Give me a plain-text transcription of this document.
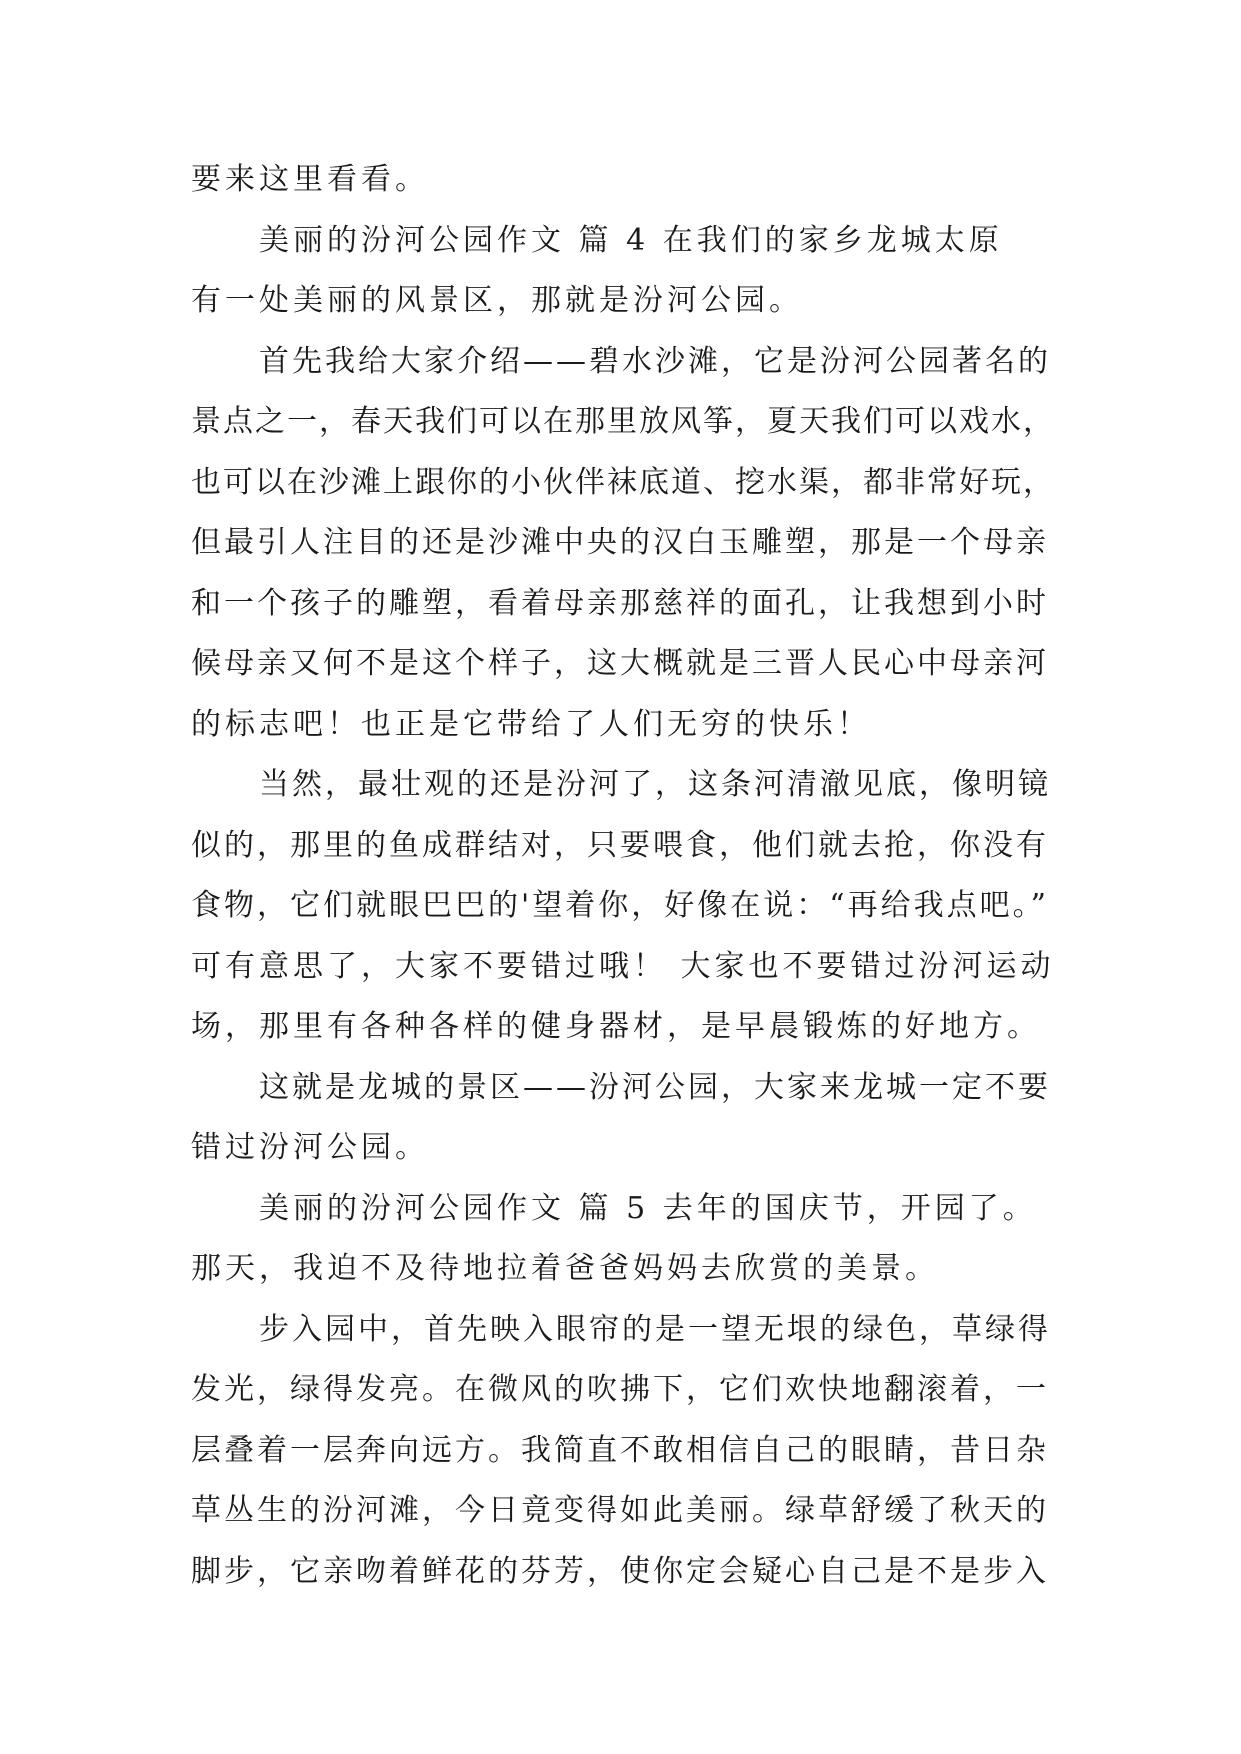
要来这里看看。
美丽的汾河公园作文 篇 4 在我们的家乡龙城太原
有一处美丽的风景区，那就是汾河公园。
首先我给大家介绍——碧水沙滩，它是汾河公园著名的
景点之一，春天我们可以在那里放风筝，夏天我们可以戏水，
也可以在沙滩上跟你的小伙伴袜底道、挖水渠，都非常好玩，
但最引人注目的还是沙滩中央的汉白玉雕塑，那是一个母亲
和一个孩子的雕塑，看着母亲那慈祥的面孔，让我想到小时
候母亲又何不是这个样子，这大概就是三晋人民心中母亲河
的标志吧！也正是它带给了人们无穷的快乐！
当然，最壮观的还是汾河了，这条河清澈见底，像明镜
似的，那里的鱼成群结对，只要喂食，他们就去抢，你没有
食物，它们就眼巴巴的'望着你，好像在说：“再给我点吧。”
可有意思了，大家不要错过哦！ 大家也不要错过汾河运动
场，那里有各种各样的健身器材，是早晨锻炼的好地方。
这就是龙城的景区——汾河公园，大家来龙城一定不要
错过汾河公园。
美丽的汾河公园作文 篇 5 去年的国庆节，开园了。
那天，我迫不及待地拉着爸爸妈妈去欣赏的美景。
步入园中，首先映入眼帘的是一望无垠的绿色，草绿得
发光，绿得发亮。在微风的吹拂下，它们欢快地翻滚着，一
层叠着一层奔向远方。我简直不敢相信自己的眼睛，昔日杂
草丛生的汾河滩，今日竟变得如此美丽。绿草舒缓了秋天的
脚步，它亲吻着鲜花的芬芳，使你定会疑心自己是不是步入
